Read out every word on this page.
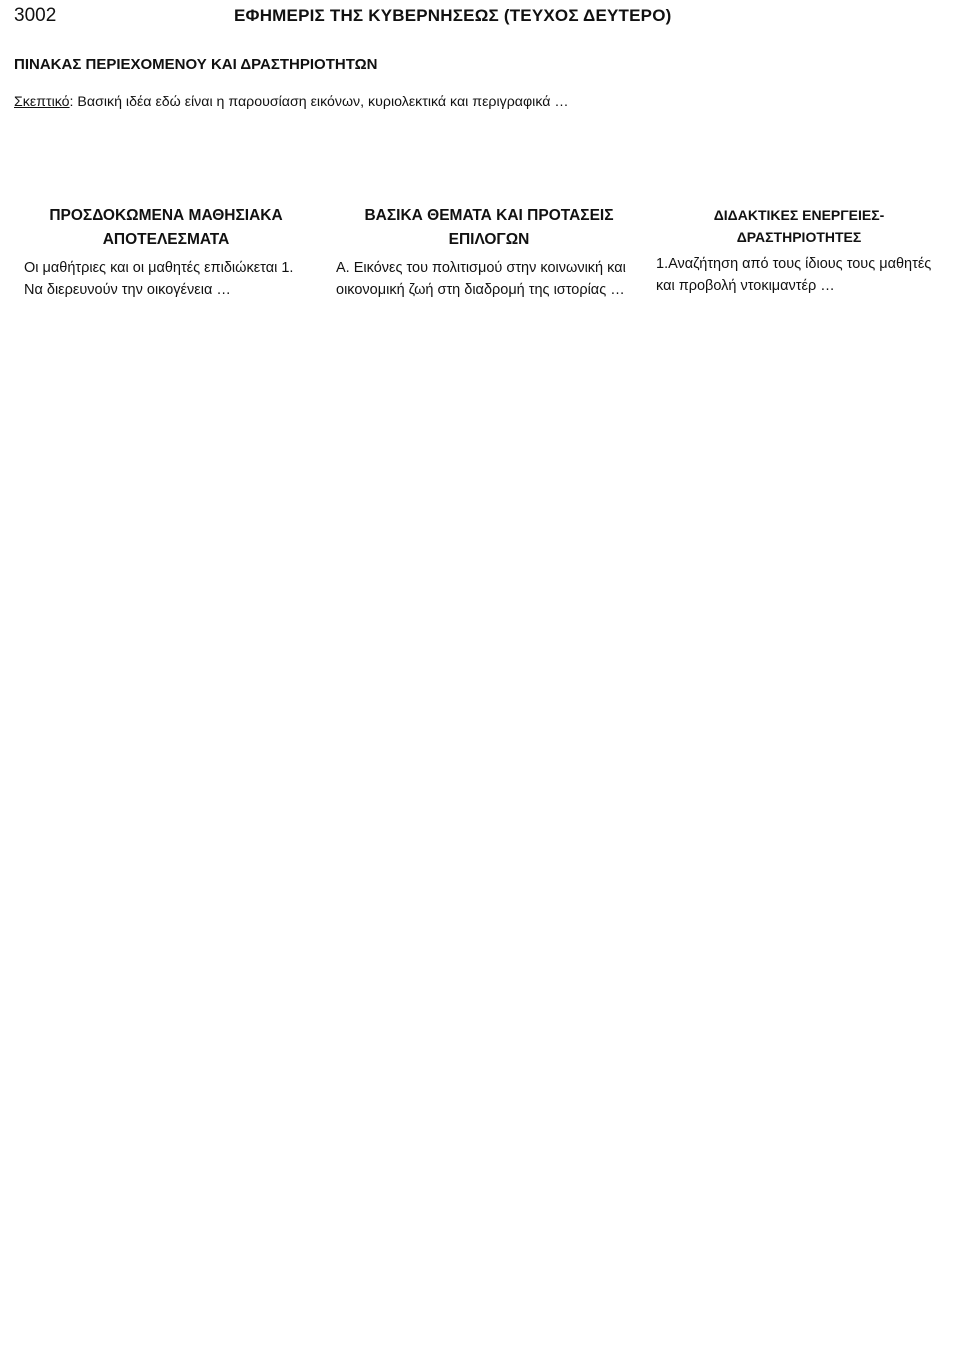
3002	ΕΦΗΜΕΡΙΣ ΤΗΣ ΚΥΒΕΡΝΗΣΕΩΣ (ΤΕΥΧΟΣ ΔΕΥΤΕΡΟ)
ΠΙΝΑΚΑΣ ΠΕΡΙΕΧΟΜΕΝΟΥ ΚΑΙ ΔΡΑΣΤΗΡΙΟΤΗΤΩΝ

Σκεπτικό: Βασική ιδέα εδώ είναι η παρουσίαση εικόνων, κυριολεκτικά και περιγραφικά …

ΠΡΟΣΔΟΚΩΜΕΝΑ ΜΑΘΗΣΙΑΚΑ ΑΠΟΤΕΛΕΣΜΑΤΑ

Οι μαθήτριες και οι μαθητές επιδιώκεται 1. Να διερευνούν την οικογένεια …

ΒΑΣΙΚΑ ΘΕΜΑΤΑ ΚΑΙ ΠΡΟΤΑΣΕΙΣ ΕΠΙΛΟΓΩΝ

Α. Εικόνες του πολιτισμού στην κοινωνική και οικονομική ζωή στη διαδρομή της ιστορίας …

ΔΙΔΑΚΤΙΚΕΣ ΕΝΕΡΓΕΙΕΣ-ΔΡΑΣΤΗΡΙΟΤΗΤΕΣ

1.Αναζήτηση από τους ίδιους τους μαθητές και προβολή ντοκιμαντέρ …
